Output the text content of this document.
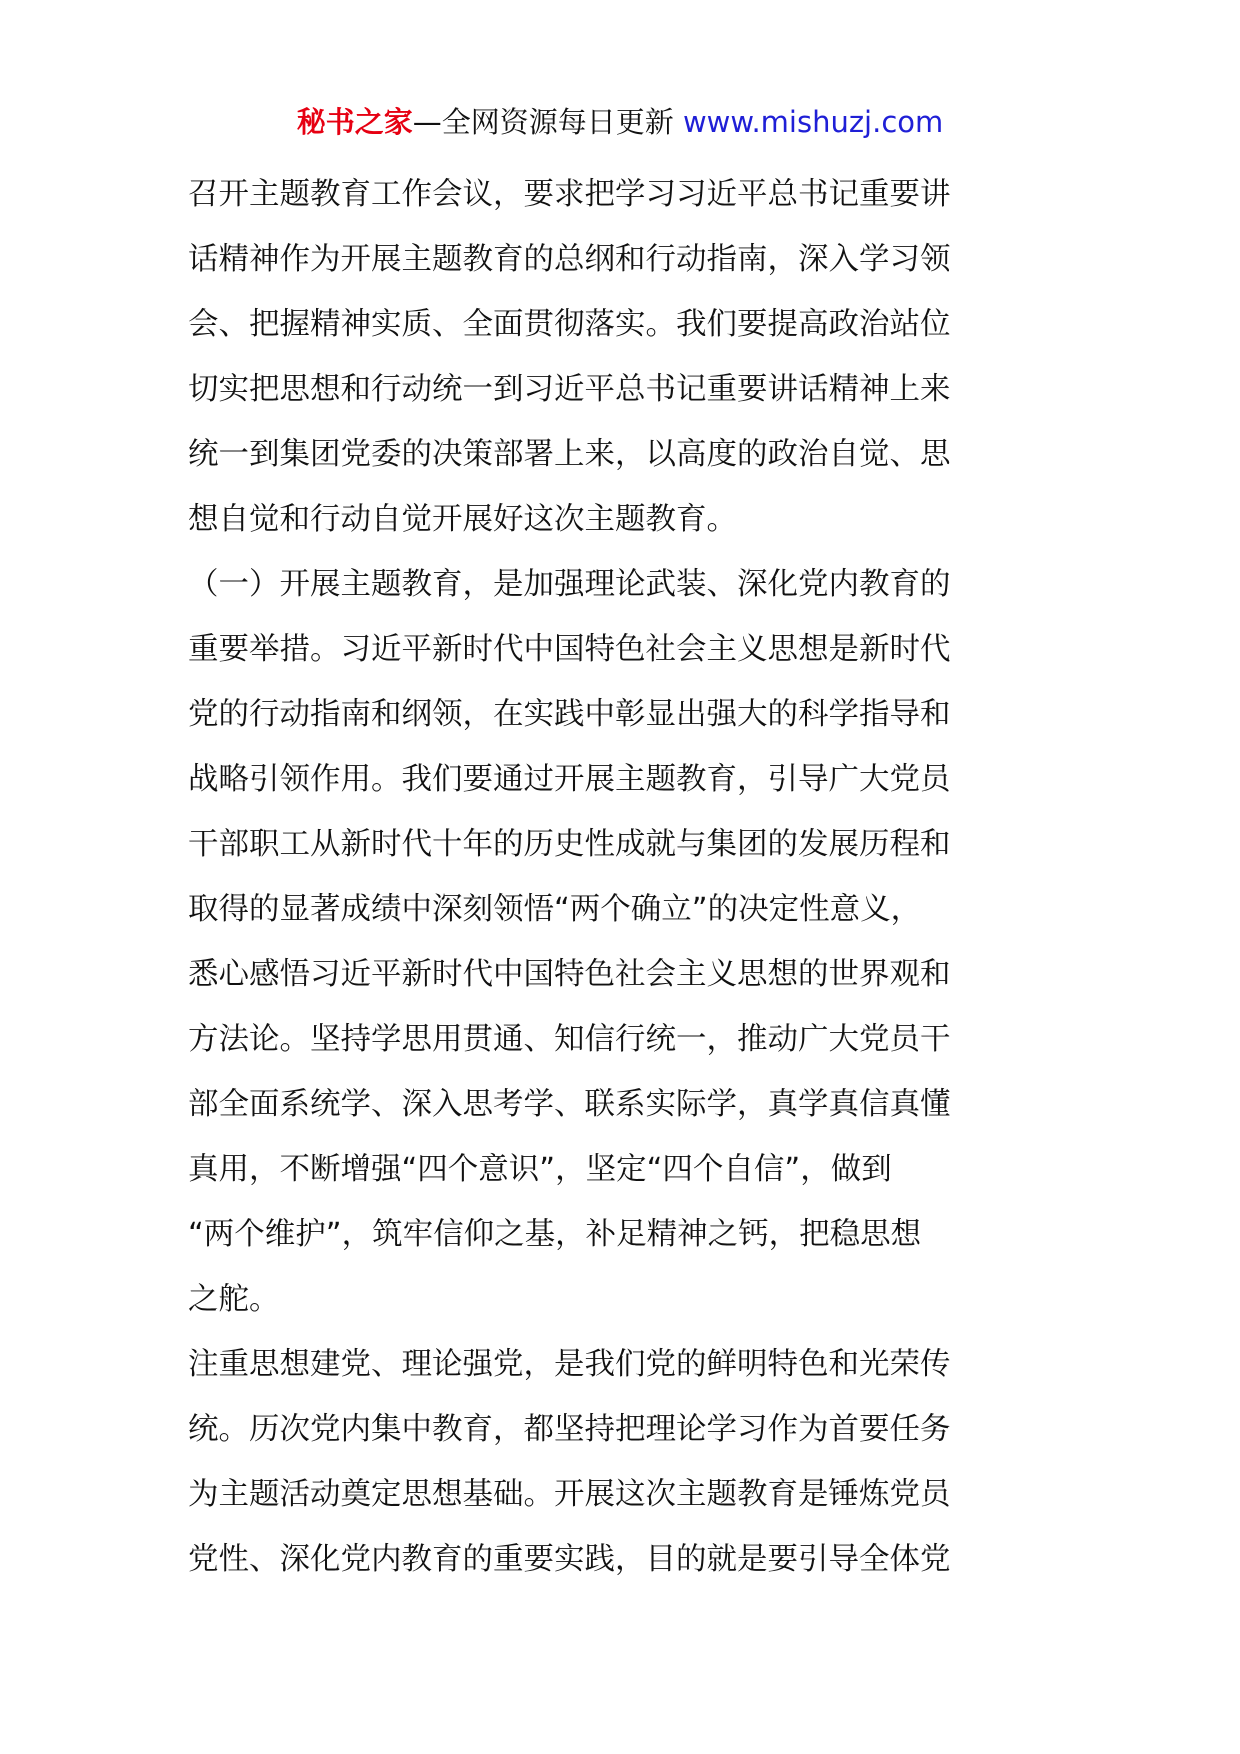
秘书之家—全网资源每日更新 www.mishuzj.com
召开主题教育工作会议，要求把学习习近平总书记重要讲
话精神作为开展主题教育的总纲和行动指南，深入学习领
会、把握精神实质、全面贯彻落实。我们要提高政治站位
切实把思想和行动统一到习近平总书记重要讲话精神上来
统一到集团党委的决策部署上来，以高度的政治自觉、思
想自觉和行动自觉开展好这次主题教育。
（一）开展主题教育，是加强理论武装、深化党内教育的
重要举措。习近平新时代中国特色社会主义思想是新时代
党的行动指南和纲领，在实践中彰显出强大的科学指导和
战略引领作用。我们要通过开展主题教育，引导广大党员
干部职工从新时代十年的历史性成就与集团的发展历程和
取得的显著成绩中深刻领悟“两个确立”的决定性意义，
悉心感悟习近平新时代中国特色社会主义思想的世界观和
方法论。坚持学思用贯通、知信行统一，推动广大党员干
部全面系统学、深入思考学、联系实际学，真学真信真懂
真用，不断增强“四个意识”，坚定“四个自信”，做到
“两个维护”，筑牢信仰之基，补足精神之钙，把稳思想
之舵。
注重思想建党、理论强党，是我们党的鲜明特色和光荣传
统。历次党内集中教育，都坚持把理论学习作为首要任务
为主题活动奠定思想基础。开展这次主题教育是锤炼党员
党性、深化党内教育的重要实践，目的就是要引导全体党
